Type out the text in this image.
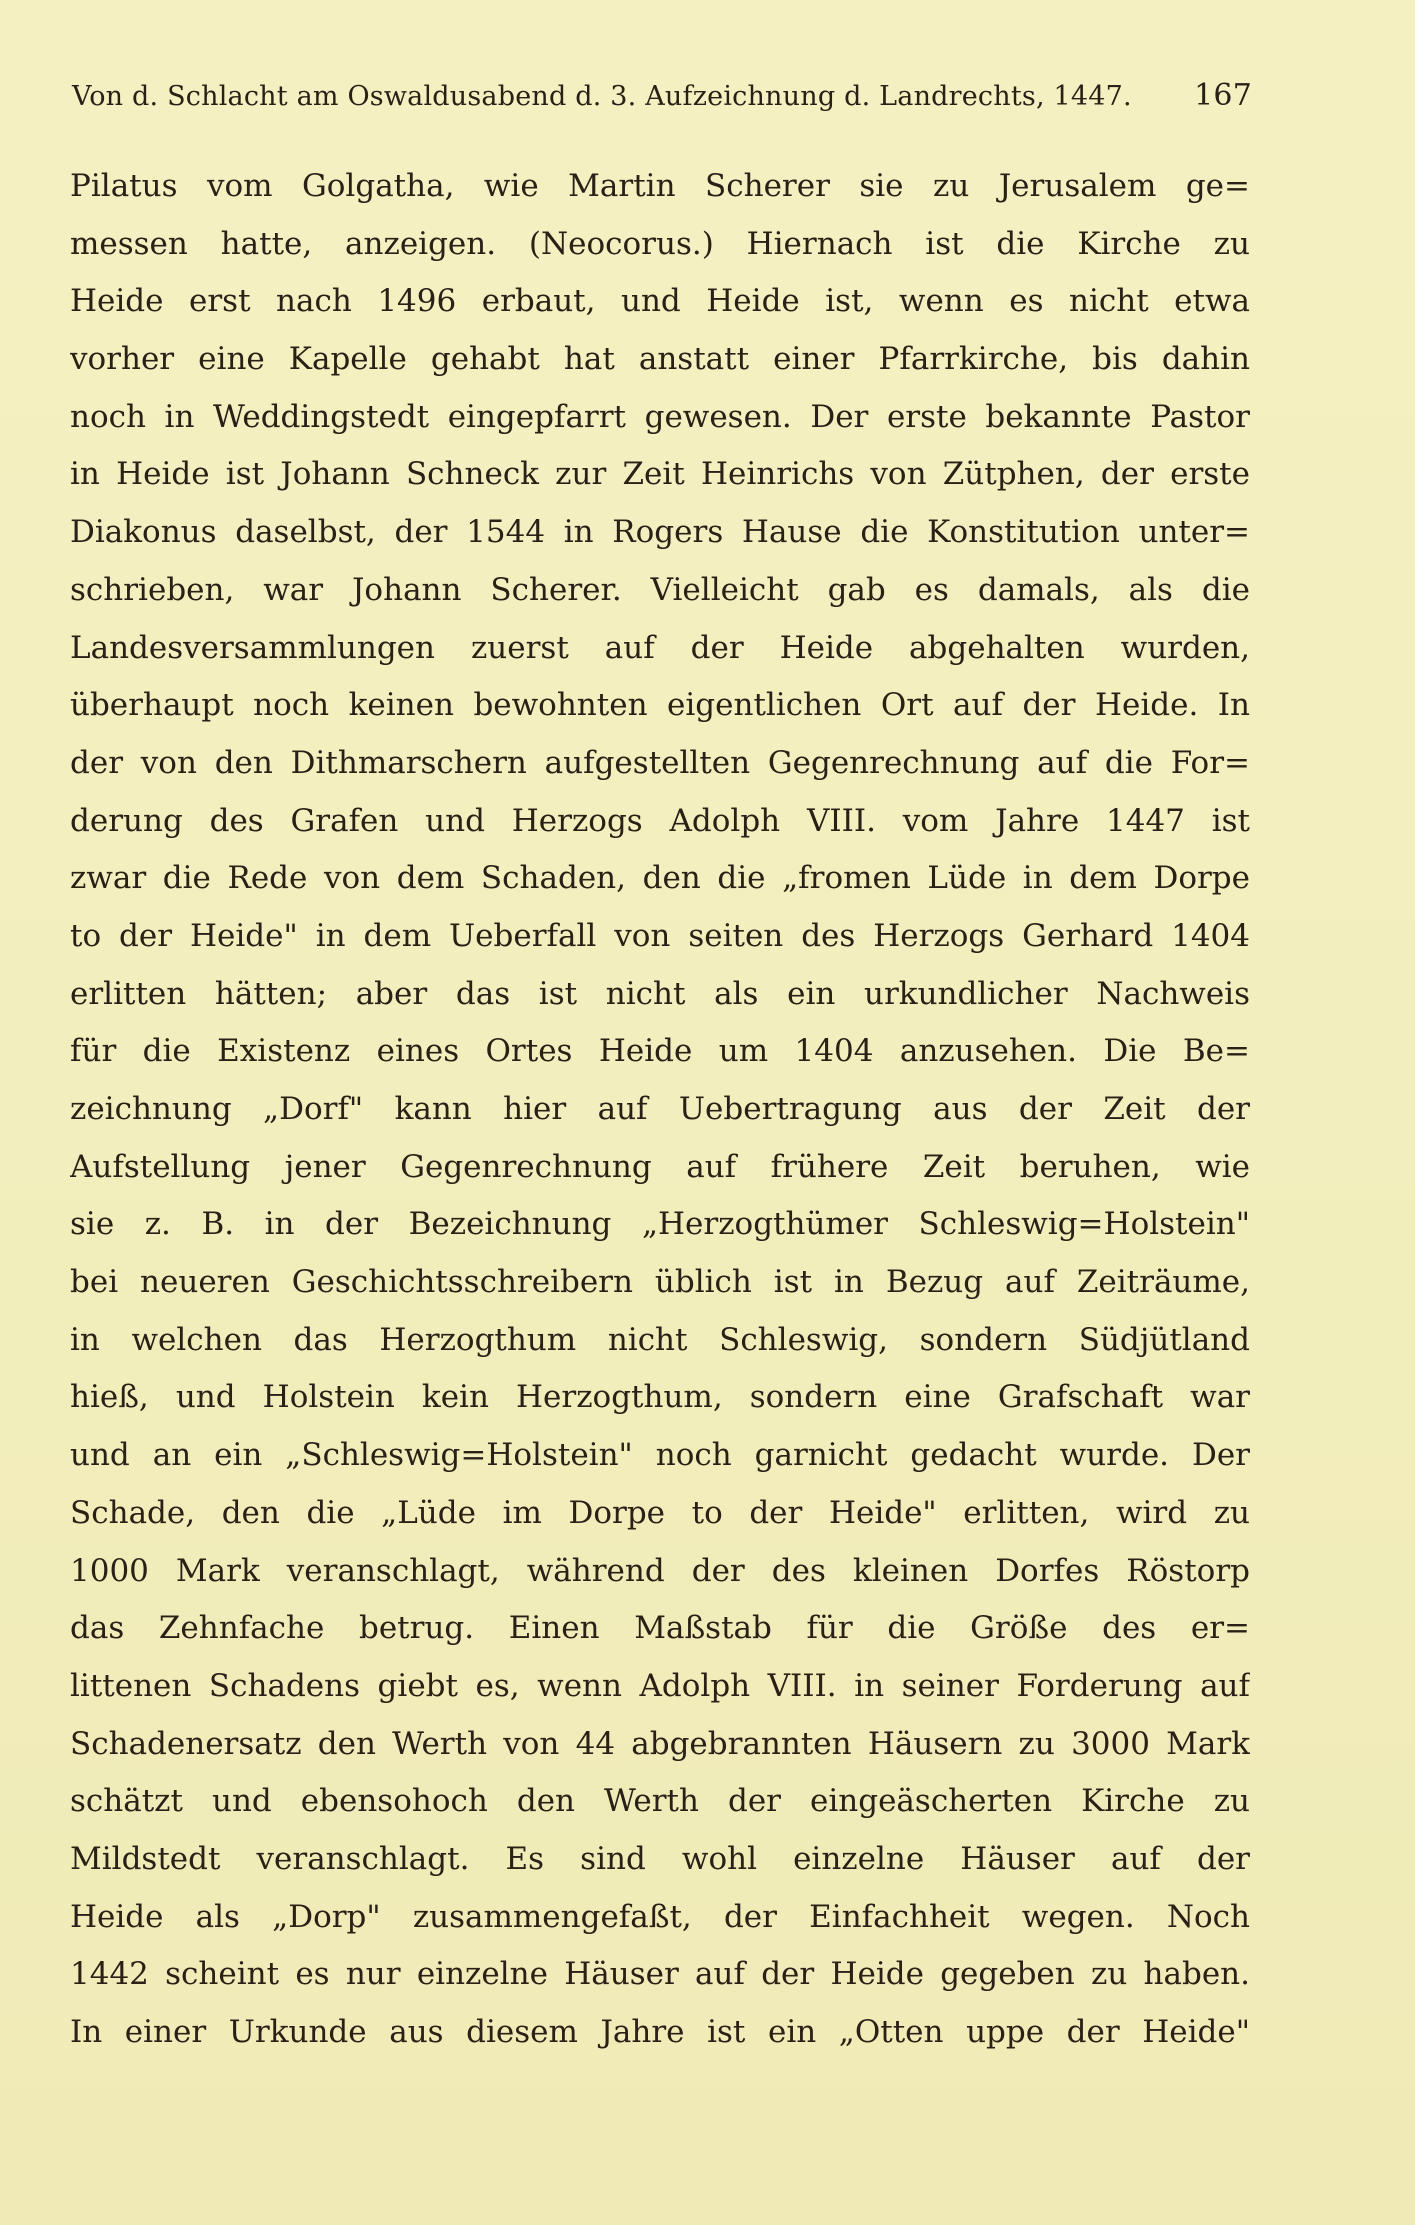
Von d. Schlacht am Oswaldusabend d. 3. Aufzeichnung d. Landrechts, 1447. 167
Pilatus vom Golgatha, wie Martin Scherer sie zu Jerusalem ge=
messen hatte, anzeigen. (Neocorus.) Hiernach ist die Kirche zu
Heide erst nach 1496 erbaut, und Heide ist, wenn es nicht etwa
vorher eine Kapelle gehabt hat anstatt einer Pfarrkirche, bis dahin
noch in Weddingstedt eingepfarrt gewesen. Der erste bekannte Pastor
in Heide ist Johann Schneck zur Zeit Heinrichs von Zütphen, der erste
Diakonus daselbst, der 1544 in Rogers Hause die Konstitution unter=
schrieben, war Johann Scherer. Vielleicht gab es damals, als die
Landesversammlungen zuerst auf der Heide abgehalten wurden,
überhaupt noch keinen bewohnten eigentlichen Ort auf der Heide. In
der von den Dithmarschern aufgestellten Gegenrechnung auf die For=
derung des Grafen und Herzogs Adolph VIII. vom Jahre 1447 ist
zwar die Rede von dem Schaden, den die „fromen Lüde in dem Dorpe
to der Heide" in dem Ueberfall von seiten des Herzogs Gerhard 1404
erlitten hätten; aber das ist nicht als ein urkundlicher Nachweis
für die Existenz eines Ortes Heide um 1404 anzusehen. Die Be=
zeichnung „Dorf" kann hier auf Uebertragung aus der Zeit der
Aufstellung jener Gegenrechnung auf frühere Zeit beruhen, wie
sie z. B. in der Bezeichnung „Herzogthümer Schleswig=Holstein"
bei neueren Geschichtsschreibern üblich ist in Bezug auf Zeiträume,
in welchen das Herzogthum nicht Schleswig, sondern Südjütland
hieß, und Holstein kein Herzogthum, sondern eine Grafschaft war
und an ein „Schleswig=Holstein" noch garnicht gedacht wurde. Der
Schade, den die „Lüde im Dorpe to der Heide" erlitten, wird zu
1000 Mark veranschlagt, während der des kleinen Dorfes Röstorp
das Zehnfache betrug. Einen Maßstab für die Größe des er=
littenen Schadens giebt es, wenn Adolph VIII. in seiner Forderung auf
Schadenersatz den Werth von 44 abgebrannten Häusern zu 3000 Mark
schätzt und ebensohoch den Werth der eingeäscherten Kirche zu
Mildstedt veranschlagt. Es sind wohl einzelne Häuser auf der
Heide als „Dorp" zusammengefaßt, der Einfachheit wegen. Noch
1442 scheint es nur einzelne Häuser auf der Heide gegeben zu haben.
In einer Urkunde aus diesem Jahre ist ein „Otten uppe der Heide"
